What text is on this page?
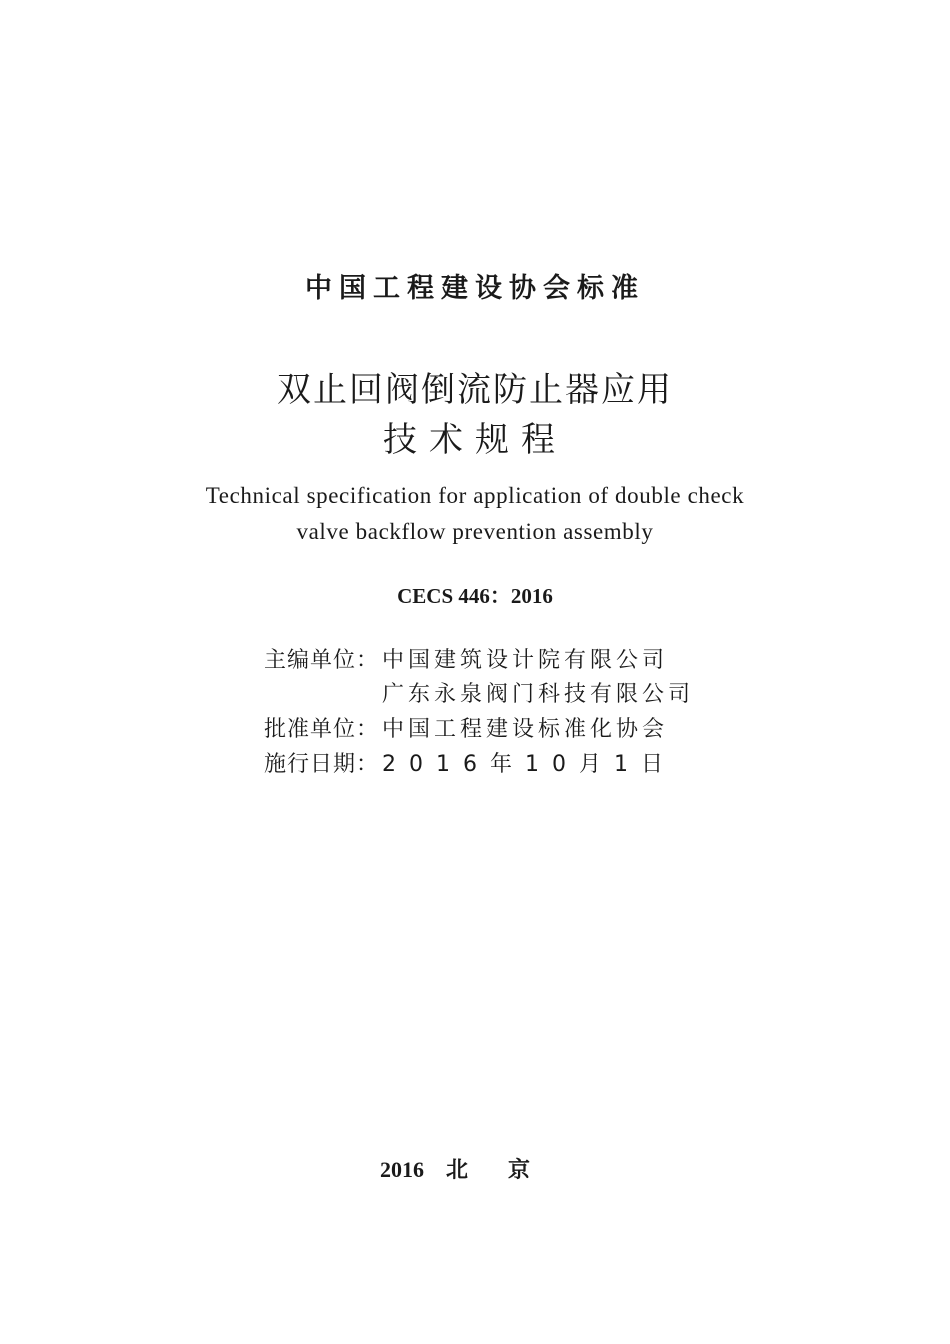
中国工程建设协会标准
双止回阀倒流防止器应用
技术规程
Technical specification for application of double check
valve backflow prevention assembly
CECS 446：2016
主编单位： 中国建筑设计院有限公司
广东永泉阀门科技有限公司
批准单位： 中国工程建设标准化协会
施行日期： 2016年10月1日
2016 北京
